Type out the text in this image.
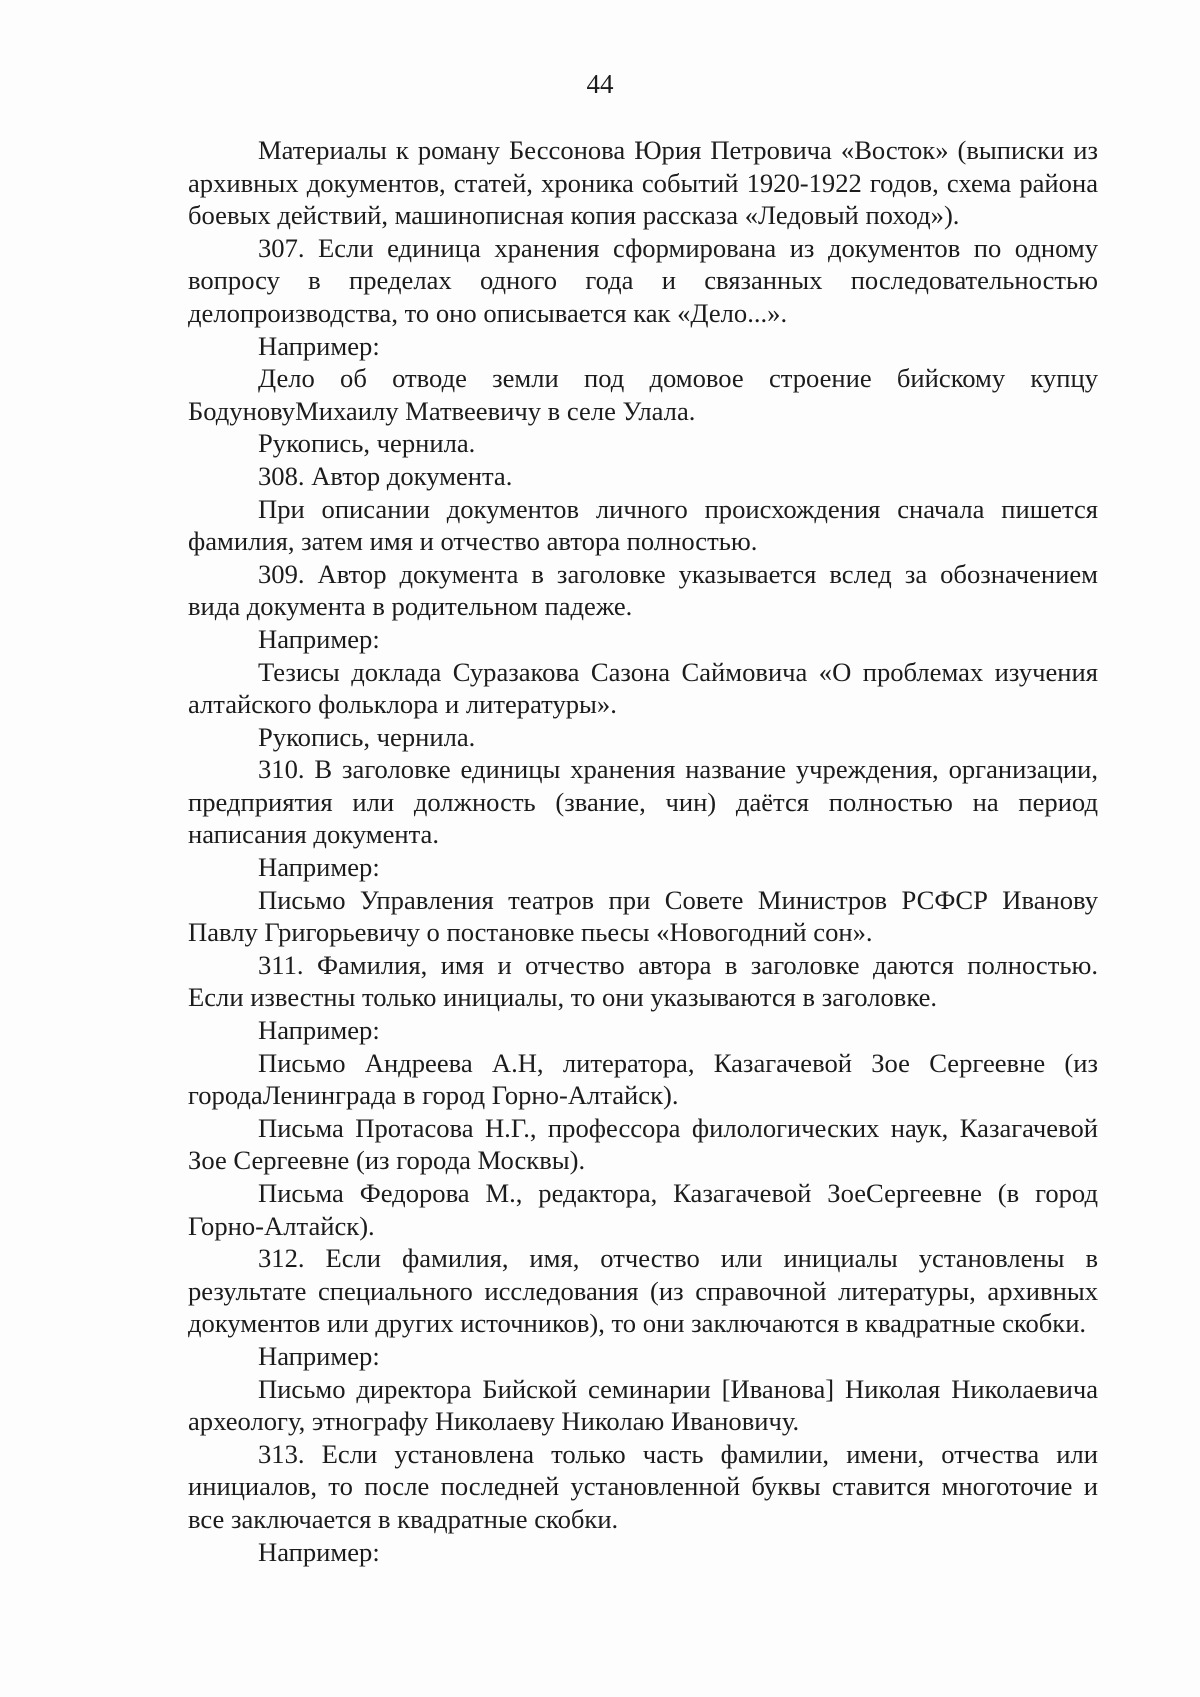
44

Материалы к роману Бессонова Юрия Петровича «Восток» (выписки из архивных документов, статей, хроника событий 1920-1922 годов, схема района боевых действий, машинописная копия рассказа «Ледовый поход»).

307. Если единица хранения сформирована из документов по одному вопросу в пределах одного года и связанных последовательностью делопроизводства, то оно описывается как «Дело...».

Например:

Дело об отводе земли под домовое строение бийскому купцу БодуновуМихаилу Матвеевичу в селе Улала.

Рукопись, чернила.

308. Автор документа.

При описании документов личного происхождения сначала пишется фамилия, затем имя и отчество автора полностью.

309. Автор документа в заголовке указывается вслед за обозначением вида документа в родительном падеже.

Например:

Тезисы доклада Суразакова Сазона Саймовича «О проблемах изучения алтайского фольклора и литературы».

Рукопись, чернила.

310. В заголовке единицы хранения название учреждения, организации, предприятия или должность (звание, чин) даётся полностью на период написания документа.

Например:

Письмо Управления театров при Совете Министров РСФСР Иванову Павлу Григорьевичу о постановке пьесы «Новогодний сон».

311. Фамилия, имя и отчество автора в заголовке даются полностью. Если известны только инициалы, то они указываются в заголовке.

Например:

Письмо Андреева А.Н, литератора, Казагачевой Зое Сергеевне (из городаЛенинграда в город Горно-Алтайск).

Письма Протасова Н.Г., профессора филологических наук, Казагачевой Зое Сергеевне (из города Москвы).

Письма Федорова М., редактора, Казагачевой ЗоеСергеевне (в город Горно-Алтайск).

312. Если фамилия, имя, отчество или инициалы установлены в результате специального исследования (из справочной литературы, архивных документов или других источников), то они заключаются в квадратные скобки.

Например:

Письмо директора Бийской семинарии [Иванова] Николая Николаевича археологу, этнографу Николаеву Николаю Ивановичу.

313. Если установлена только часть фамилии, имени, отчества или инициалов, то после последней установленной буквы ставится многоточие и все заключается в квадратные скобки.

Например:
